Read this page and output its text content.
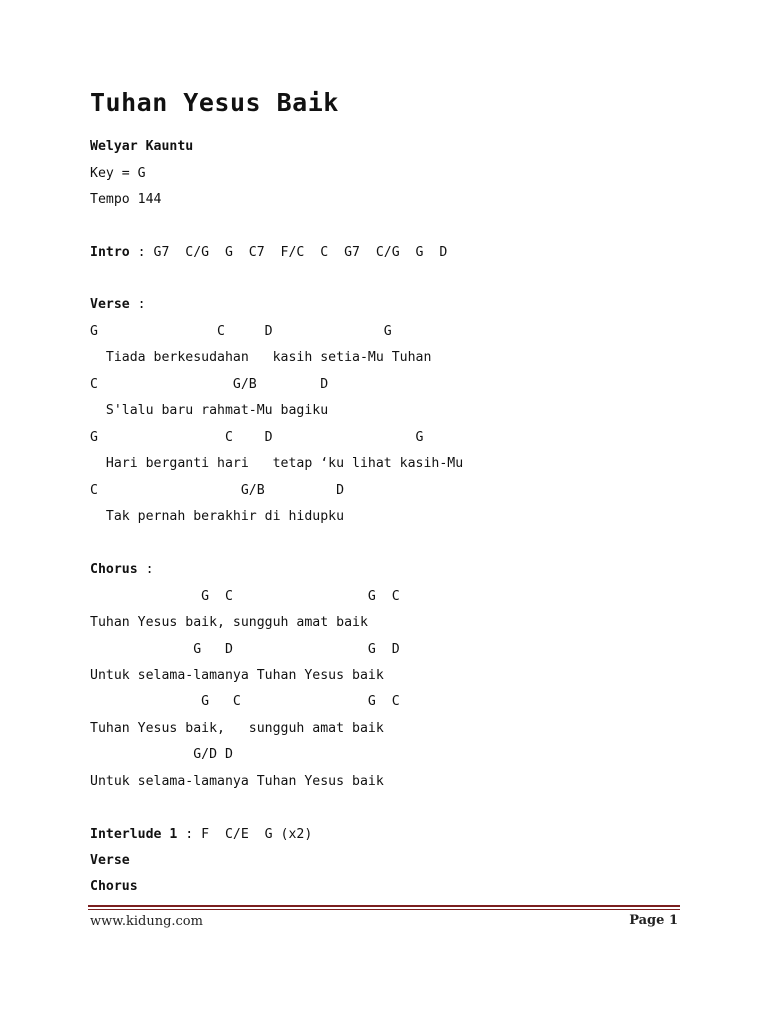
Tuhan Yesus Baik
Welyar Kauntu
Key = G
Tempo 144
Intro : G7  C/G  G  C7  F/C  C  G7  C/G  G  D
Verse :
G               C     D              G
Tiada berkesudahan   kasih setia-Mu Tuhan
C                 G/B        D
S'lalu baru rahmat-Mu bagiku
G                C    D                  G
Hari berganti hari   tetap ‘ku lihat kasih-Mu
C                  G/B         D
Tak pernah berakhir di hidupku
Chorus :
G  C                 G  C
Tuhan Yesus baik, sungguh amat baik
G   D                 G  D
Untuk selama-lamanya Tuhan Yesus baik
G   C                G  C
Tuhan Yesus baik,   sungguh amat baik
G/D D
Untuk selama-lamanya Tuhan Yesus baik
Interlude 1 : F  C/E  G (x2)
Verse
Chorus
www.kidung.com	Page 1
